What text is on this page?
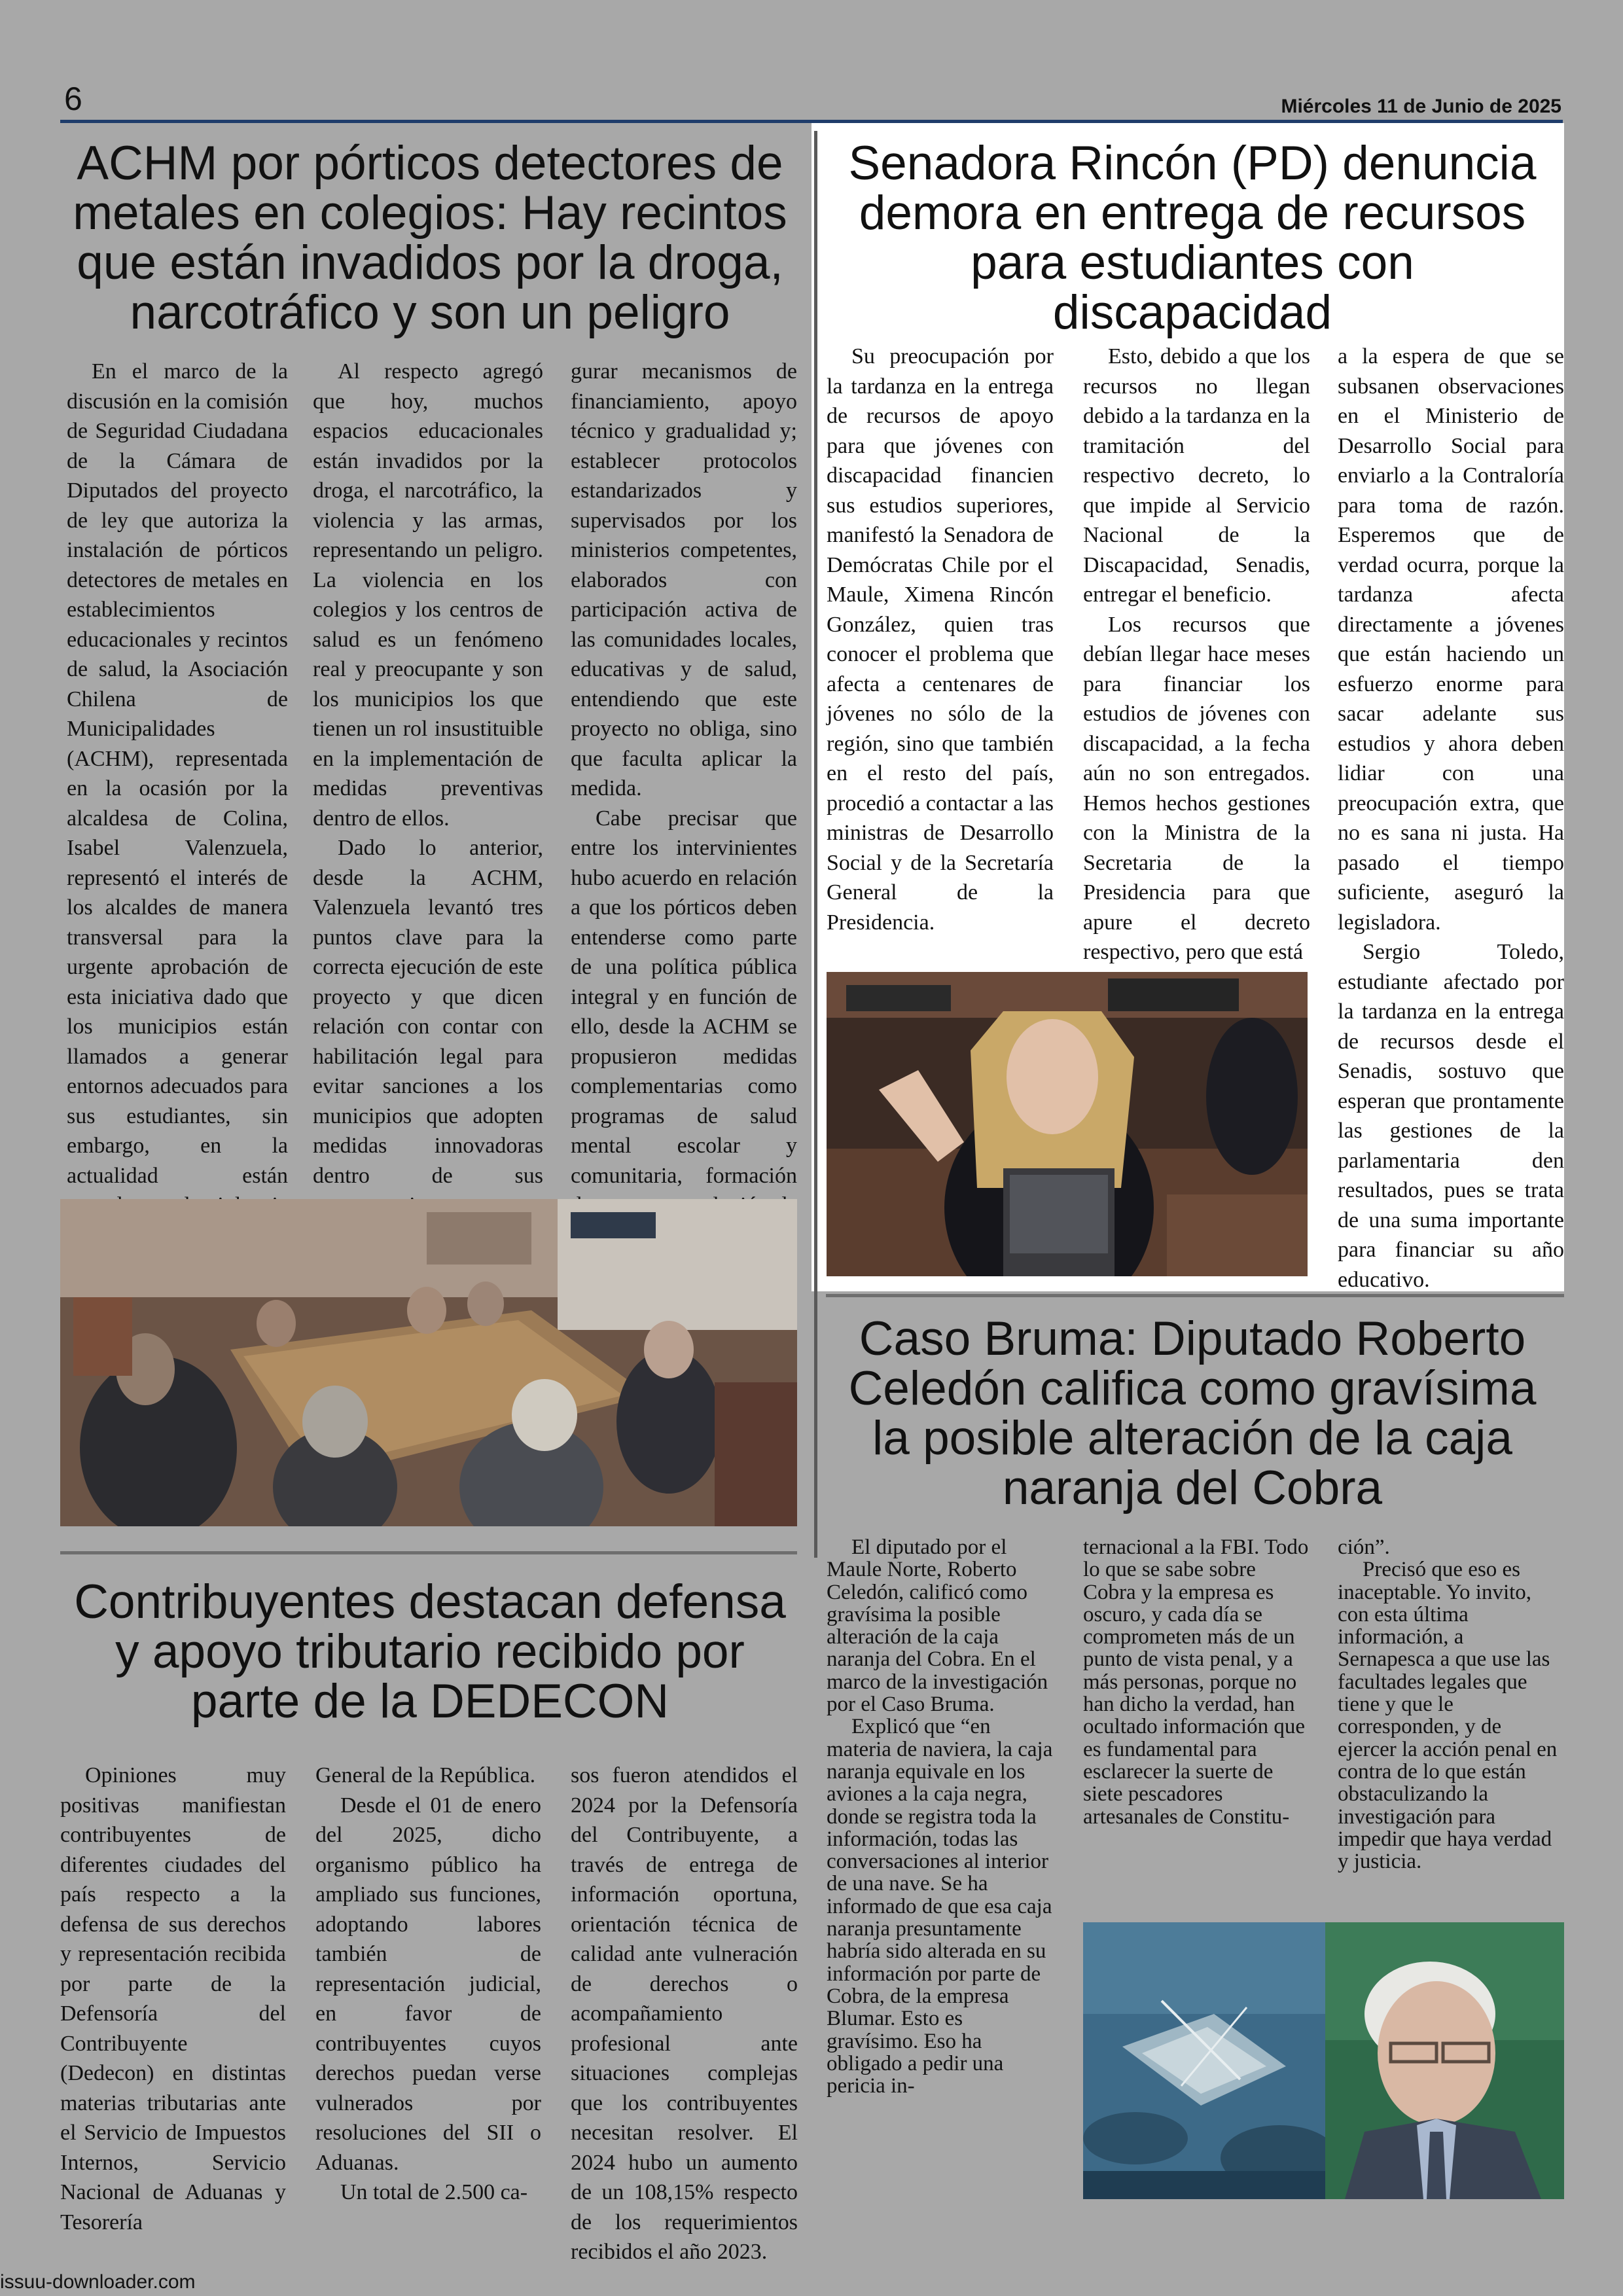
6	Miércoles 11 de Junio de 2025
ACHM por pórticos detectores de metales en colegios: Hay recintos que están invadidos por la droga, narcotráfico y son un peligro

En el marco de la discusión en la comisión de Seguridad Ciudadana de la Cámara de Diputados del proyecto de ley que autoriza la instalación de pórticos detectores de metales en establecimientos educacionales y recintos de salud, la Asociación Chilena de Municipalidades (ACHM), representada en la ocasión por la alcaldesa de Colina, Isabel Valenzuela, representó el interés de los alcaldes de manera transversal para la urgente aprobación de esta iniciativa dado que los municipios están llamados a generar entornos adecuados para sus estudiantes, sin embargo, en la actualidad están

Al respecto agregó que hoy, muchos espacios educacionales están invadidos por la droga, el narcotráfico, la violencia y las armas, representando un peligro. La violencia en los colegios y los centros de salud es un fenómeno real y preocupante y son los municipios los que tienen un rol insustituible en la implementación de medidas preventivas dentro de ellos.

Dado lo anterior, desde la ACHM, Valenzuela levantó tres puntos clave para la correcta ejecución de este proyecto y que dicen relación con contar con habilitación legal para evitar sanciones a los municipios que adopten medidas innovadoras dentro de sus

gurar mecanismos de financiamiento, apoyo técnico y gradualidad y; establecer protocolos estandarizados y supervisados por los ministerios competentes, elaborados con participación activa de las comunidades locales, educativas y de salud, entendiendo que este proyecto no obliga, sino que faculta aplicar la medida.

Cabe precisar que entre los intervinientes hubo acuerdo en relación a que los pórticos deben entenderse como parte de una política pública integral y en función de ello, desde la ACHM se propusieron medidas complementarias como programas de salud mental escolar y comunitaria, formación

Senadora Rincón (PD) denuncia demora en entrega de recursos para estudiantes con discapacidad

Su preocupación por la tardanza en la entrega de recursos de apoyo para que jóvenes con discapacidad financien sus estudios superiores, manifestó la Senadora de Demócratas Chile por el Maule, Ximena Rincón González, quien tras conocer el problema que afecta a centenares de jóvenes no sólo de la región, sino que también en el resto del país, procedió a contactar a las ministras de Desarrollo Social y de la Secretaría General de la Presidencia.

Esto, debido a que los recursos no llegan debido a la tardanza en la tramitación del respectivo decreto, lo que impide al Servicio Nacional de la Discapacidad, Senadis, entregar el beneficio.

Los recursos que debían llegar hace meses para financiar los estudios de jóvenes con discapacidad, a la fecha aún no son entregados. Hemos hechos gestiones con la Ministra de la Secretaria de la Presidencia para que apure el decreto respectivo, pero que está

a la espera de que se subsanen observaciones en el Ministerio de Desarrollo Social para enviarlo a la Contraloría para toma de razón. Esperemos que de verdad ocurra, porque la tardanza afecta directamente a jóvenes que están haciendo un esfuerzo enorme para sacar adelante sus estudios y ahora deben lidiar con una preocupación extra, que no es sana ni justa. Ha pasado el tiempo suficiente, aseguró la legisladora.

Sergio Toledo, estudiante afectado por la tardanza en la entrega de recursos desde el Senadis, sostuvo que esperan que prontamente las gestiones de la parlamentaria den resultados, pues se trata de una suma importante para financiar su año educativo.

Caso Bruma: Diputado Roberto Celedón califica como gravísima la posible alteración de la caja naranja del Cobra

El diputado por el Maule Norte, Roberto Celedón, calificó como gravísima la posible alteración de la caja naranja del Cobra. En el marco de la investigación por el Caso Bruma.

Explicó que “en materia de naviera, la caja naranja equivale en los aviones a la caja negra, donde se registra toda la información, todas las conversaciones al interior de una nave. Se ha informado de que esa caja naranja presuntamente habría sido alterada en su información por parte de Cobra, de la empresa Blumar. Esto es gravísimo. Eso ha obligado a pedir una pericia in-

ternacional a la FBI. Todo lo que se sabe sobre Cobra y la empresa es oscuro, y cada día se comprometen más de un punto de vista penal, y a más personas, porque no han dicho la verdad, han ocultado información que es fundamental para esclarecer la suerte de siete pescadores artesanales de Constitu-

ción”.

Precisó que eso es inaceptable. Yo invito, con esta última información, a Sernapesca a que use las facultades legales que tiene y que le corresponden, y de ejercer la acción penal en contra de lo que están obstaculizando la investigación para impedir que haya verdad y justicia.

Contribuyentes destacan defensa y apoyo tributario recibido por parte de la DEDECON

Opiniones muy positivas manifiestan contribuyentes de diferentes ciudades del país respecto a la defensa de sus derechos y representación recibida por parte de la Defensoría del Contribuyente (Dedecon) en distintas materias tributarias ante el Servicio de Impuestos Internos, Servicio Nacional de Aduanas y Tesorería

General de la República.

Desde el 01 de enero del 2025, dicho organismo público ha ampliado sus funciones, adoptando labores también de representación judicial, en favor de contribuyentes cuyos derechos puedan verse vulnerados por resoluciones del SII o Aduanas.

Un total de 2.500 ca-

sos fueron atendidos el 2024 por la Defensoría del Contribuyente, a través de entrega de información oportuna, orientación técnica de calidad ante vulneración de derechos o acompañamiento profesional ante situaciones complejas que los contribuyentes necesitan resolver. El 2024 hubo un aumento de un 108,15% respecto de los requerimientos recibidos el año 2023.

issuu-downloader.com
